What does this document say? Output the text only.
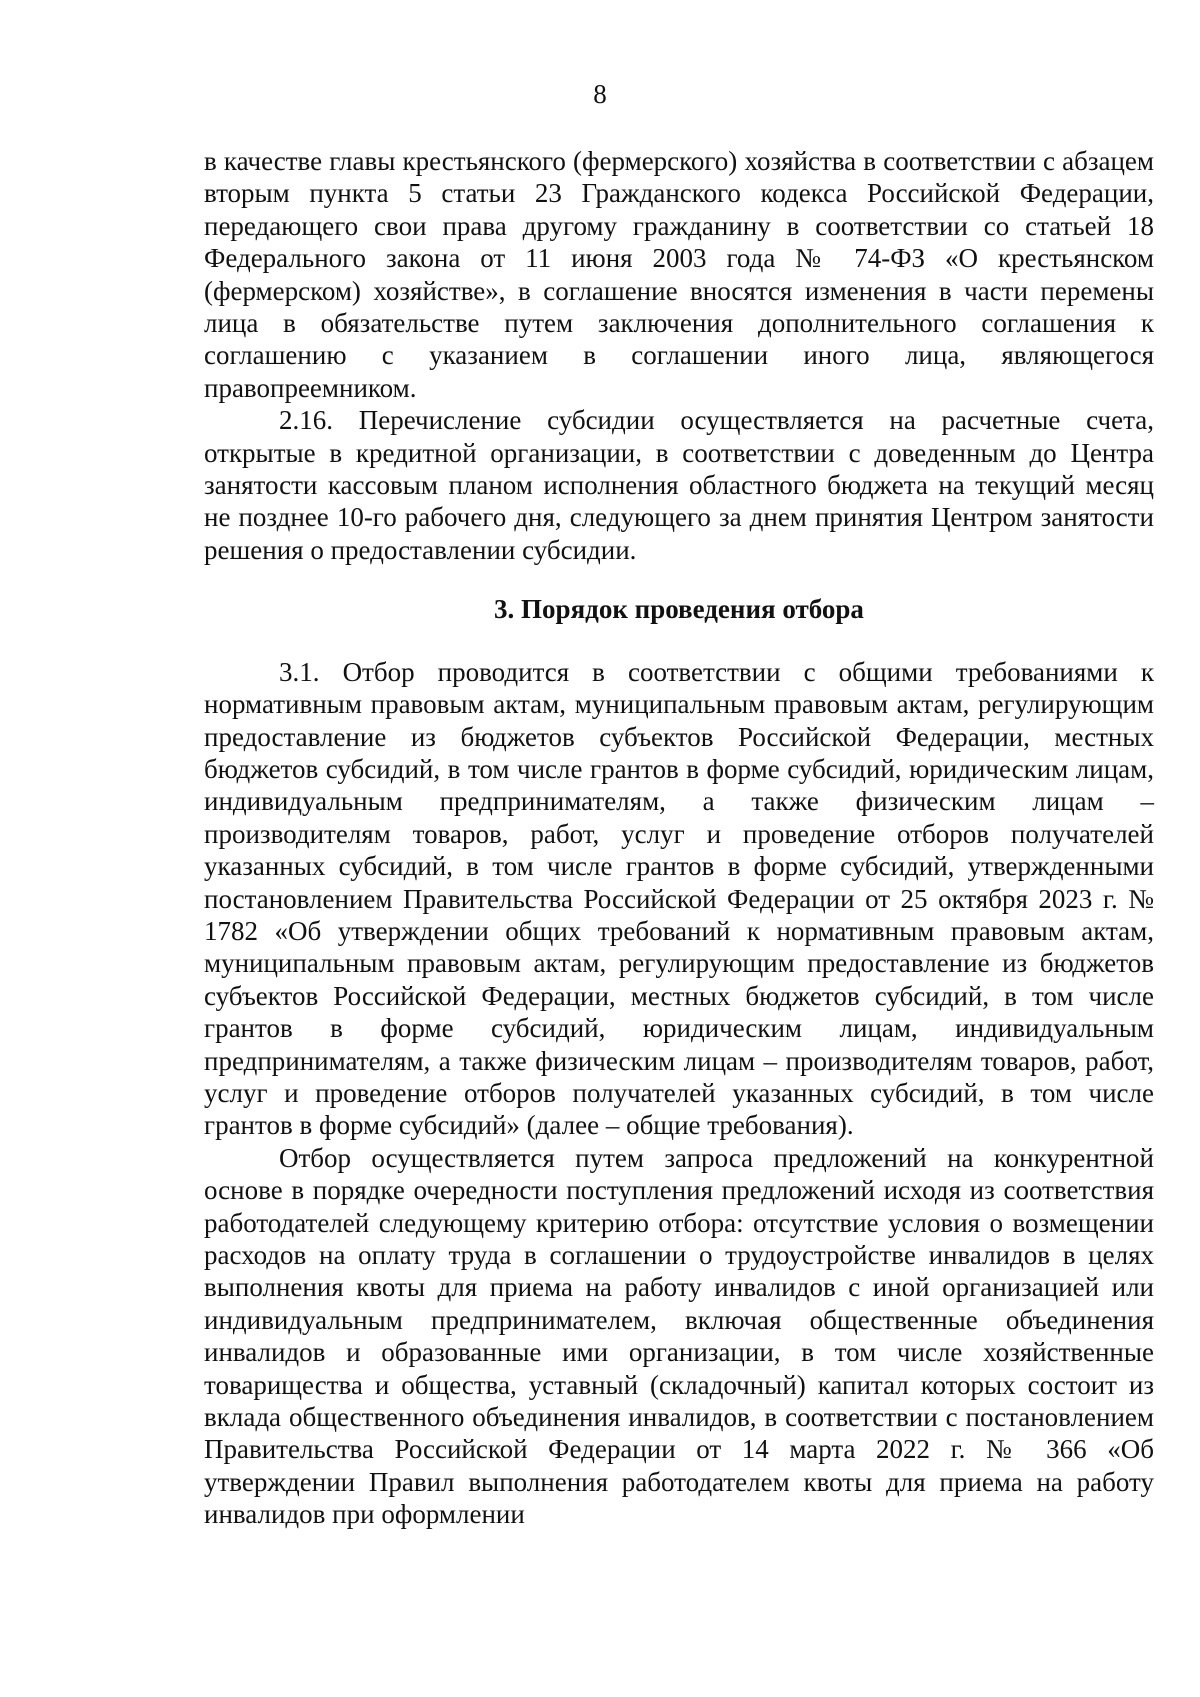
8

в качестве главы крестьянского (фермерского) хозяйства в соответствии с абзацем вторым пункта 5 статьи 23 Гражданского кодекса Российской Федерации, передающего свои права другому гражданину в соответствии со статьей 18 Федерального закона от 11 июня 2003 года № 74-ФЗ «О крестьянском (фермерском) хозяйстве», в соглашение вносятся изменения в части перемены лица в обязательстве путем заключения дополнительного соглашения к соглашению с указанием в соглашении иного лица, являющегося правопреемником.

2.16. Перечисление субсидии осуществляется на расчетные счета, открытые в кредитной организации, в соответствии с доведенным до Центра занятости кассовым планом исполнения областного бюджета на текущий месяц не позднее 10-го рабочего дня, следующего за днем принятия Центром занятости решения о предоставлении субсидии.

3. Порядок проведения отбора

3.1. Отбор проводится в соответствии с общими требованиями к нормативным правовым актам, муниципальным правовым актам, регулирующим предоставление из бюджетов субъектов Российской Федерации, местных бюджетов субсидий, в том числе грантов в форме субсидий, юридическим лицам, индивидуальным предпринимателям, а также физическим лицам – производителям товаров, работ, услуг и проведение отборов получателей указанных субсидий, в том числе грантов в форме субсидий, утвержденными постановлением Правительства Российской Федерации от 25 октября 2023 г. № 1782 «Об утверждении общих требований к нормативным правовым актам, муниципальным правовым актам, регулирующим предоставление из бюджетов субъектов Российской Федерации, местных бюджетов субсидий, в том числе грантов в форме субсидий, юридическим лицам, индивидуальным предпринимателям, а также физическим лицам – производителям товаров, работ, услуг и проведение отборов получателей указанных субсидий, в том числе грантов в форме субсидий» (далее – общие требования).

Отбор осуществляется путем запроса предложений на конкурентной основе в порядке очередности поступления предложений исходя из соответствия работодателей следующему критерию отбора: отсутствие условия о возмещении расходов на оплату труда в соглашении о трудоустройстве инвалидов в целях выполнения квоты для приема на работу инвалидов с иной организацией или индивидуальным предпринимателем, включая общественные объединения инвалидов и образованные ими организации, в том числе хозяйственные товарищества и общества, уставный (складочный) капитал которых состоит из вклада общественного объединения инвалидов, в соответствии с постановлением Правительства Российской Федерации от 14 марта 2022 г. № 366 «Об утверждении Правил выполнения работодателем квоты для приема на работу инвалидов при оформлении
